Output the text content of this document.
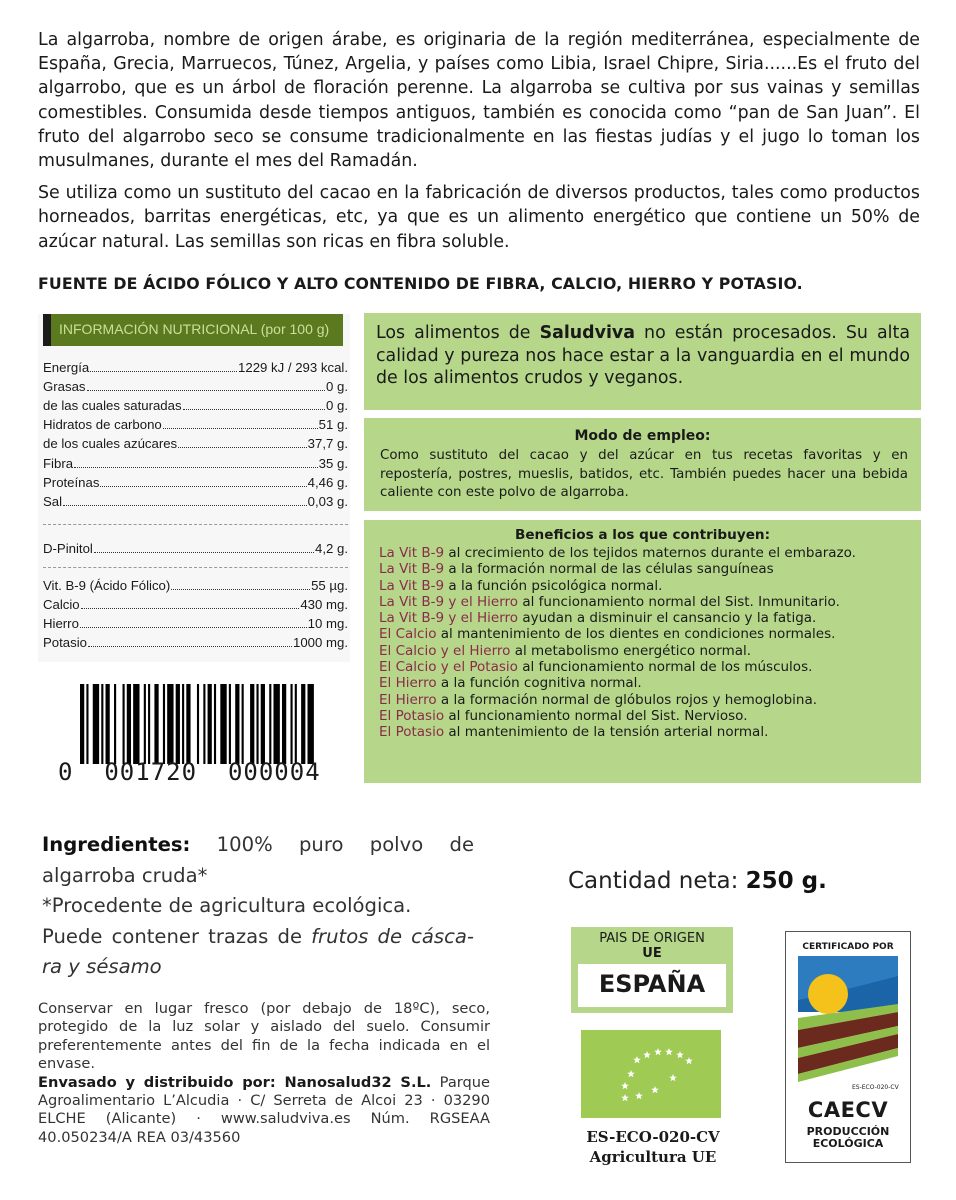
La algarroba, nombre de origen árabe, es originaria de la región mediterránea, especialmente de España, Grecia, Marruecos, Túnez, Argelia, y países como Libia, Israel Chipre, Siria......Es el fruto del algarrobo, que es un árbol de floración perenne. La algarroba se cultiva por sus vainas y semillas comestibles. Consumida desde tiempos antiguos, también es conocida como “pan de San Juan”. El fruto del algarrobo seco se consume tradicionalmente en las fiestas judías y el jugo lo toman los musulmanes, durante el mes del Ramadán.

Se utiliza como un sustituto del cacao en la fabricación de diversos productos, tales como productos horneados, barritas energéticas, etc, ya que es un alimento energético que contiene un 50% de azúcar natural. Las semillas son ricas en fibra soluble.

FUENTE DE ÁCIDO FÓLICO Y ALTO CONTENIDO DE FIBRA, CALCIO, HIERRO Y POTASIO.
INFORMACIÓN NUTRICIONAL (por 100 g)
Energía	1229 kJ / 293 kcal.
Grasas	0 g.
de las cuales saturadas	0 g.
Hidratos de carbono	51 g.
de los cuales azúcares	37,7 g.
Fibra	35 g.
Proteínas	4,46 g.
Sal	0,03 g.
D-Pinitol	4,2 g.
Vit. B-9 (Ácido Fólico)	55 µg.
Calcio	430 mg.
Hierro	10 mg.
Potasio	1000 mg.
0  001720  000004

Los alimentos de Saludviva no están procesados. Su alta calidad y pureza nos hace estar a la vanguardia en el mundo de los alimentos crudos y veganos.

Modo de empleo:

Como sustituto del cacao y del azúcar en tus recetas favoritas y en repostería, postres, mueslis, batidos, etc. También puedes hacer una bebida caliente con este polvo de algarroba.

Beneficios a los que contribuyen:
La Vit B-9 al crecimiento de los tejidos maternos durante el embarazo.
La Vit B-9 a la formación normal de las células sanguíneas
La Vit B-9 a la función psicológica normal.
La Vit B-9 y el Hierro al funcionamiento normal del Sist. Inmunitario.
La Vit B-9 y el Hierro ayudan a disminuir el cansancio y la fatiga.
El Calcio al mantenimiento de los dientes en condiciones normales.
El Calcio y el Hierro al metabolismo energético normal.
El Calcio y el Potasio al funcionamiento normal de los músculos.
El Hierro a la función cognitiva normal.
El Hierro a la formación normal de glóbulos rojos y hemoglobina.
El Potasio al funcionamiento normal del Sist. Nervioso.
El Potasio al mantenimiento de la tensión arterial normal.
Ingredientes: 100% puro polvo de
algarroba cruda*
*Procedente de agricultura ecológica.
Puede contener trazas de frutos de cásca-
ra y sésamo

Conservar en lugar fresco (por debajo de 18ºC), seco, protegido de la luz solar y aislado del suelo. Consumir preferentemente antes del fin de la fecha indicada en el envase.

Envasado y distribuido por: Nanosalud32 S.L. Parque Agroalimentario L’Alcudia · C/ Serreta de Alcoi 23 · 03290 ELCHE (Alicante) · www.saludviva.es Núm. RGSEAA 40.050234/A REA 03/43560

Cantidad neta: 250 g.
PAIS DE ORIGEN
UE
ESPAÑA
ES-ECO-020-CV
Agricultura UE
CERTIFICADO POR
ES-ECO-020-CV
CAECV
PRODUCCIÓN
ECOLÓGICA
